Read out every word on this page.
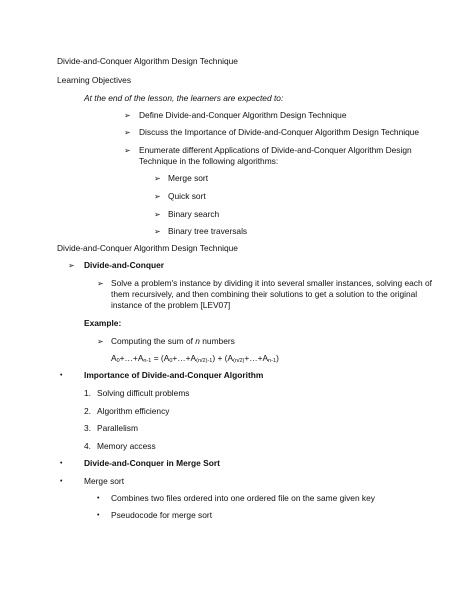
Divide-and-Conquer Algorithm Design Technique
Learning Objectives
At the end of the lesson, the learners are expected to:
➢ Define Divide-and-Conquer Algorithm Design Technique
➢ Discuss the Importance of Divide-and-Conquer Algorithm Design Technique
➢ Enumerate different Applications of Divide-and-Conquer Algorithm Design
Technique in the following algorithms:
➢ Merge sort
➢ Quick sort
➢ Binary search
➢ Binary tree traversals
Divide-and-Conquer Algorithm Design Technique
➢ Divide-and-Conquer
➢ Solve a problem's instance by dividing it into several smaller instances, solving each of
them recursively, and then combining their solutions to get a solution to the original
instance of the problem [LEV07]
Example:
➢ Computing the sum of n numbers
$A_0+\dots+A_{n-1}$ = $(A_0+\dots+A_{(n/2)-1})$ + $(A_{(n/2)}+\dots+A_{n-1})$
•	Importance of Divide-and-Conquer Algorithm
1. Solving difficult problems
2. Algorithm efficiency
3. Parallelism
4. Memory access
•	Divide-and-Conquer in Merge Sort
•	Merge sort
• Combines two files ordered into one ordered file on the same given key
• Pseudocode for merge sort
